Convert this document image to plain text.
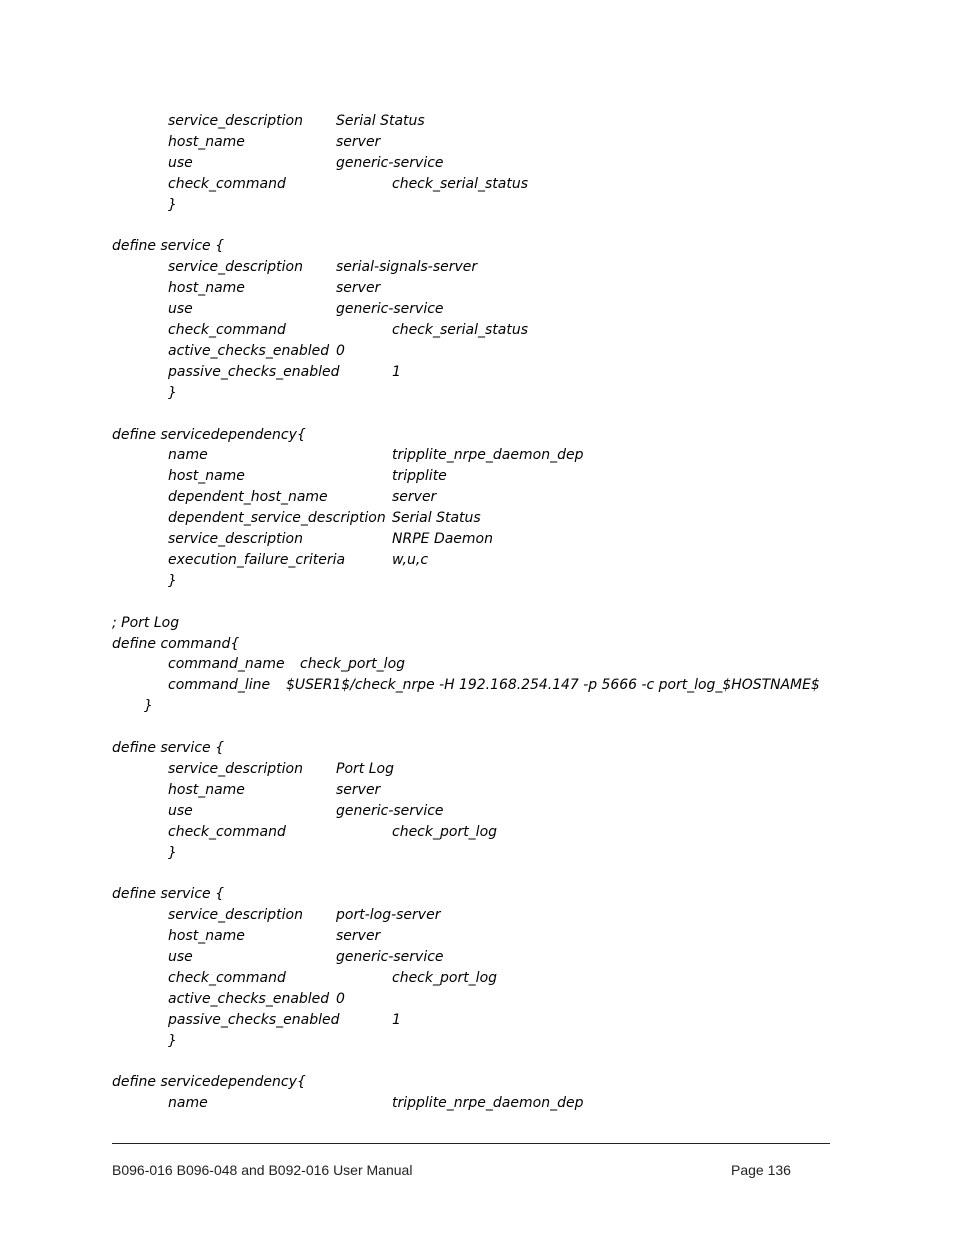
service_description Serial Status
host_name	server
use	generic-service
check_command	check_serial_status
}
define service {
service_description serial-signals-server
host_name	server
use	generic-service
check_command	check_serial_status
active_checks_enabled 0
passive_checks_enabled	1
}
define servicedependency{
name	tripplite_nrpe_daemon_dep
host_name	tripplite
dependent_host_name	server
dependent_service_description Serial Status
service_description	NRPE Daemon
execution_failure_criteria	w,u,c
}
; Port Log
define command{
command_name check_port_log
command_line $USER1$/check_nrpe -H 192.168.254.147 -p 5666 -c port_log_$HOSTNAME$
}
define service {
service_description Port Log
host_name	server
use	generic-service
check_command	check_port_log
}
define service {
service_description port-log-server
host_name	server
use	generic-service
check_command	check_port_log
active_checks_enabled 0
passive_checks_enabled	1
}
define servicedependency{
name	tripplite_nrpe_daemon_dep
B096-016 B096-048 and B092-016 User Manual	Page 136
